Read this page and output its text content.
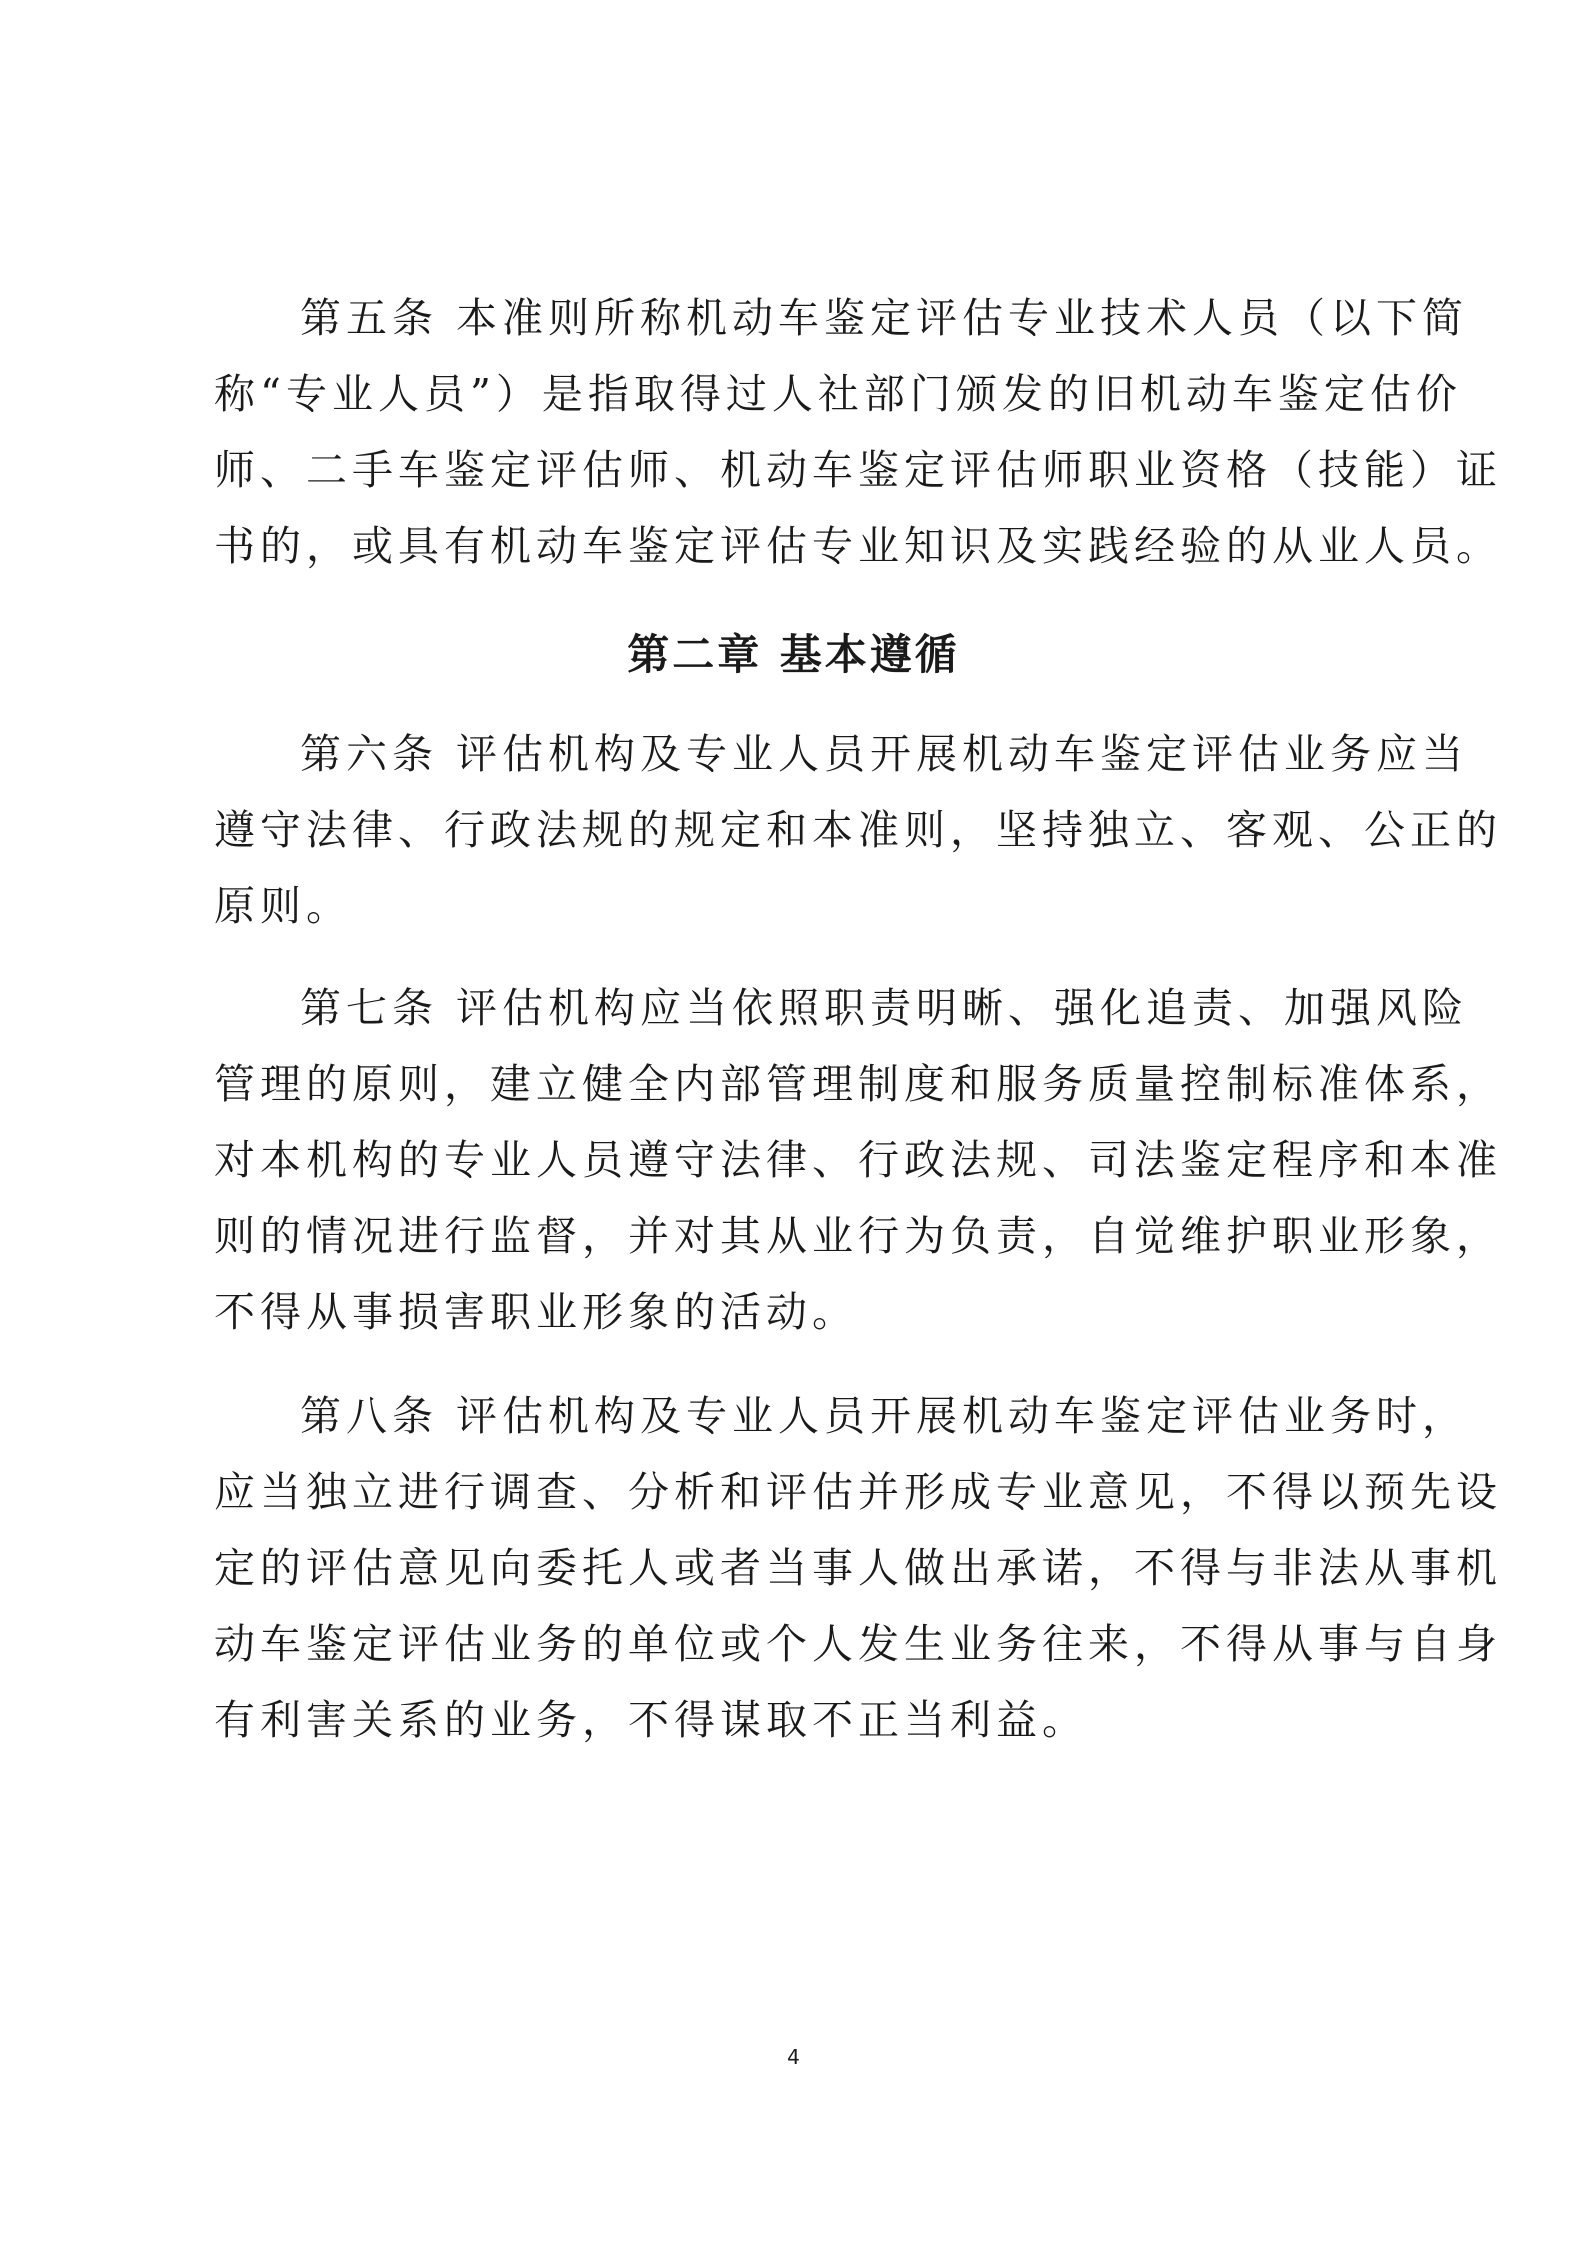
第五条 本准则所称机动车鉴定评估专业技术人员（以下简
称“专业人员”）是指取得过人社部门颁发的旧机动车鉴定估价
师、二手车鉴定评估师、机动车鉴定评估师职业资格（技能）证
书的，或具有机动车鉴定评估专业知识及实践经验的从业人员。
第二章 基本遵循
第六条 评估机构及专业人员开展机动车鉴定评估业务应当
遵守法律、行政法规的规定和本准则，坚持独立、客观、公正的
原则。
第七条 评估机构应当依照职责明晰、强化追责、加强风险
管理的原则，建立健全内部管理制度和服务质量控制标准体系，
对本机构的专业人员遵守法律、行政法规、司法鉴定程序和本准
则的情况进行监督，并对其从业行为负责，自觉维护职业形象，
不得从事损害职业形象的活动。
第八条 评估机构及专业人员开展机动车鉴定评估业务时，
应当独立进行调查、分析和评估并形成专业意见，不得以预先设
定的评估意见向委托人或者当事人做出承诺，不得与非法从事机
动车鉴定评估业务的单位或个人发生业务往来，不得从事与自身
有利害关系的业务，不得谋取不正当利益。
4
